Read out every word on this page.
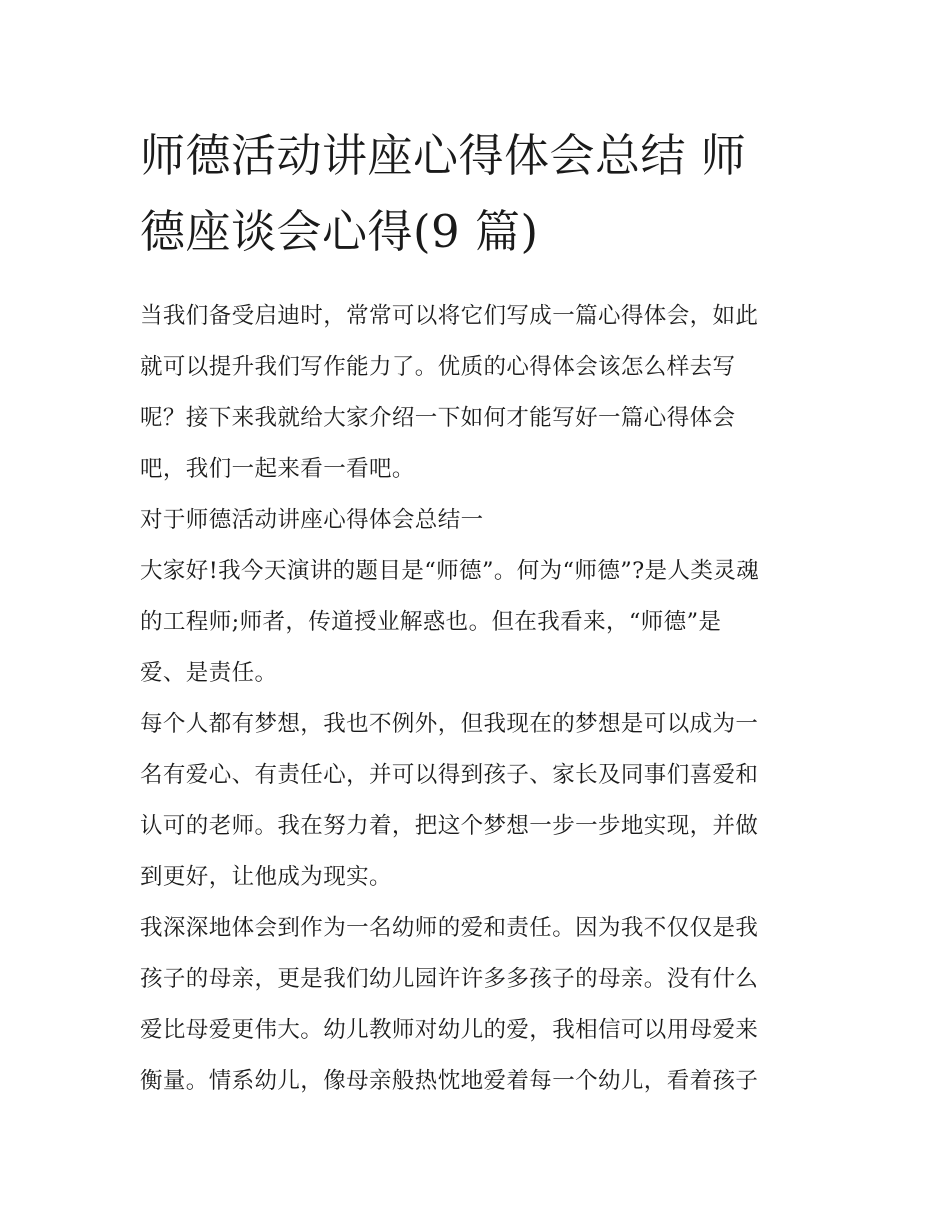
师德活动讲座心得体会总结 师
德座谈会心得(9 篇)

当我们备受启迪时，常常可以将它们写成一篇心得体会，如此
就可以提升我们写作能力了。优质的心得体会该怎么样去写
呢？接下来我就给大家介绍一下如何才能写好一篇心得体会
吧，我们一起来看一看吧。

对于师德活动讲座心得体会总结一

大家好!我今天演讲的题目是“师德”。何为“师德”?是人类灵魂
的工程师;师者，传道授业解惑也。但在我看来，“师德”是
爱、是责任。

每个人都有梦想，我也不例外，但我现在的梦想是可以成为一
名有爱心、有责任心，并可以得到孩子、家长及同事们喜爱和
认可的老师。我在努力着，把这个梦想一步一步地实现，并做
到更好，让他成为现实。

我深深地体会到作为一名幼师的爱和责任。因为我不仅仅是我
孩子的母亲，更是我们幼儿园许许多多孩子的母亲。没有什么
爱比母爱更伟大。幼儿教师对幼儿的爱，我相信可以用母爱来
衡量。情系幼儿，像母亲般热忱地爱着每一个幼儿，看着孩子
